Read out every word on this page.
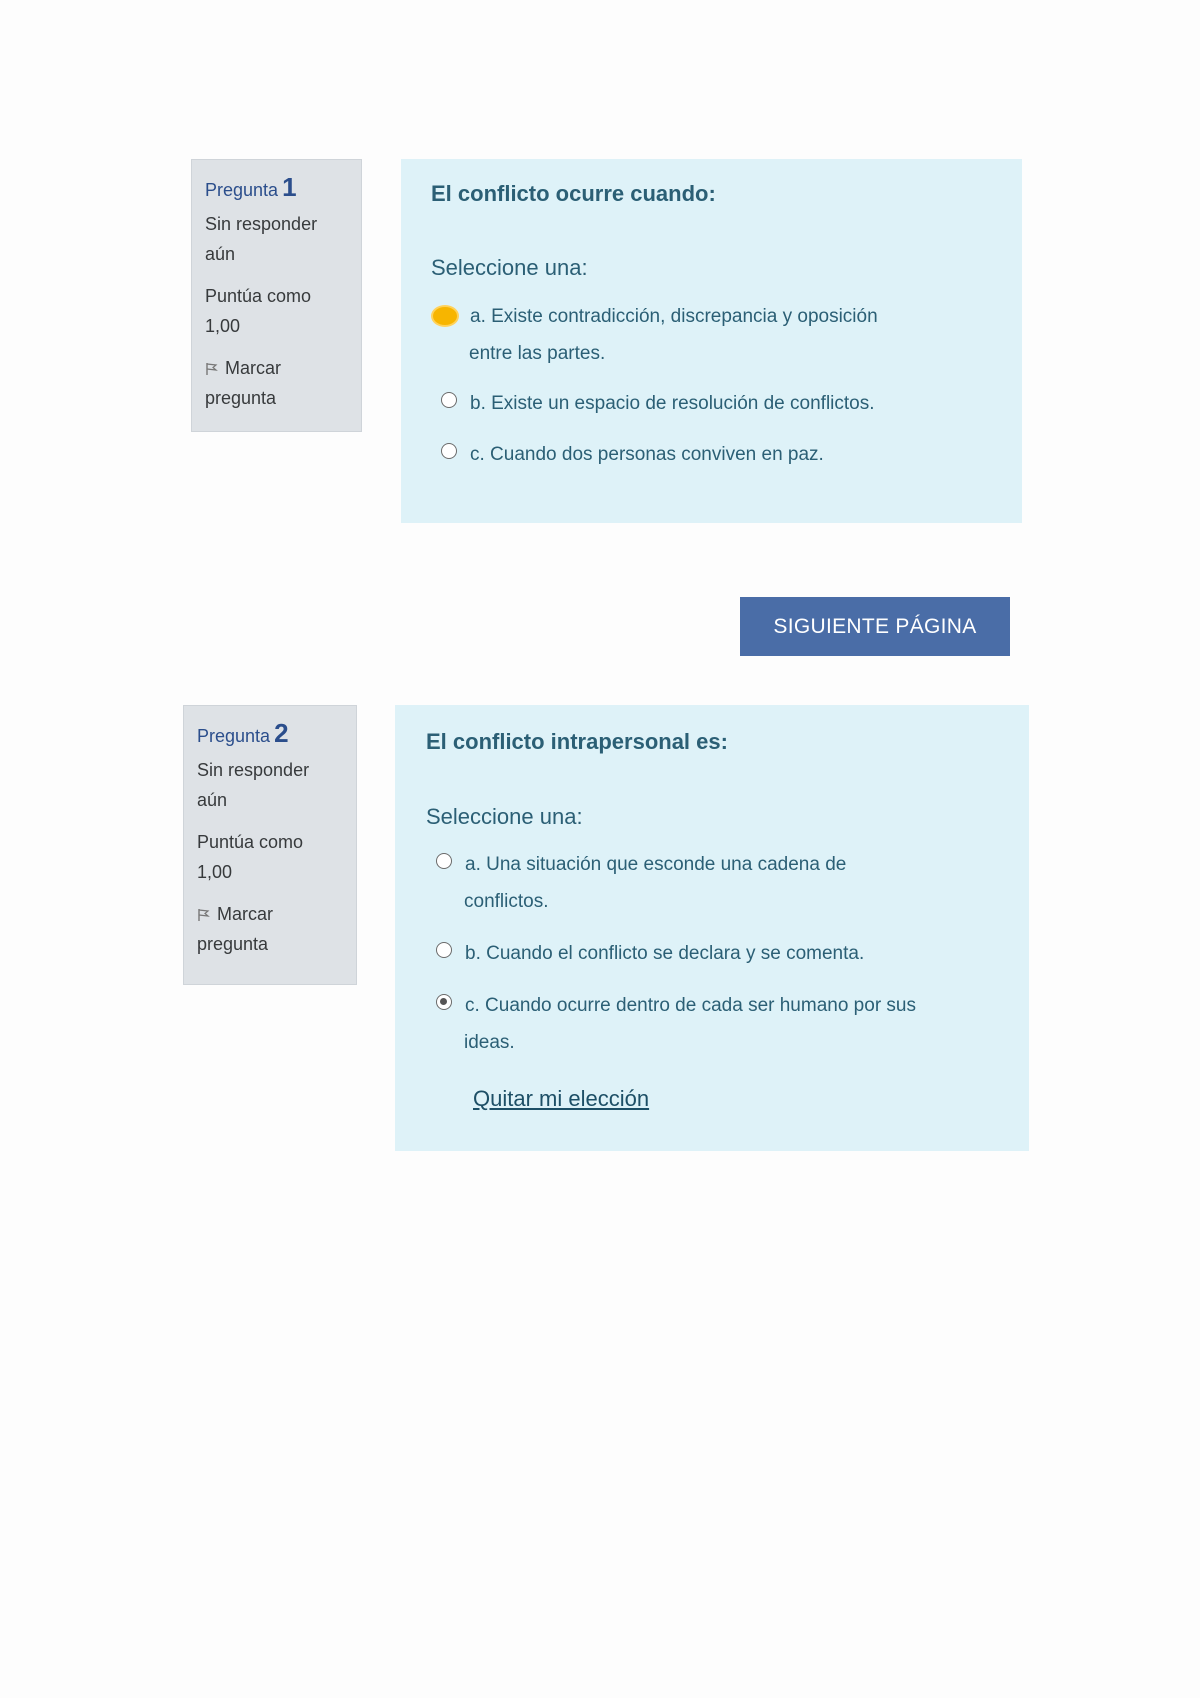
Pregunta 1
Sin responder aún
Puntúa como 1,00
Marcar pregunta
El conflicto ocurre cuando:
Seleccione una:
a. Existe contradicción, discrepancia y oposición
entre las partes.
b. Existe un espacio de resolución de conflictos.
c. Cuando dos personas conviven en paz.
SIGUIENTE PÁGINA
Pregunta 2
Sin responder aún
Puntúa como 1,00
Marcar pregunta
El conflicto intrapersonal es:
Seleccione una:
a. Una situación que esconde una cadena de
conflictos.
b. Cuando el conflicto se declara y se comenta.
c. Cuando ocurre dentro de cada ser humano por sus
ideas.
Quitar mi elección
